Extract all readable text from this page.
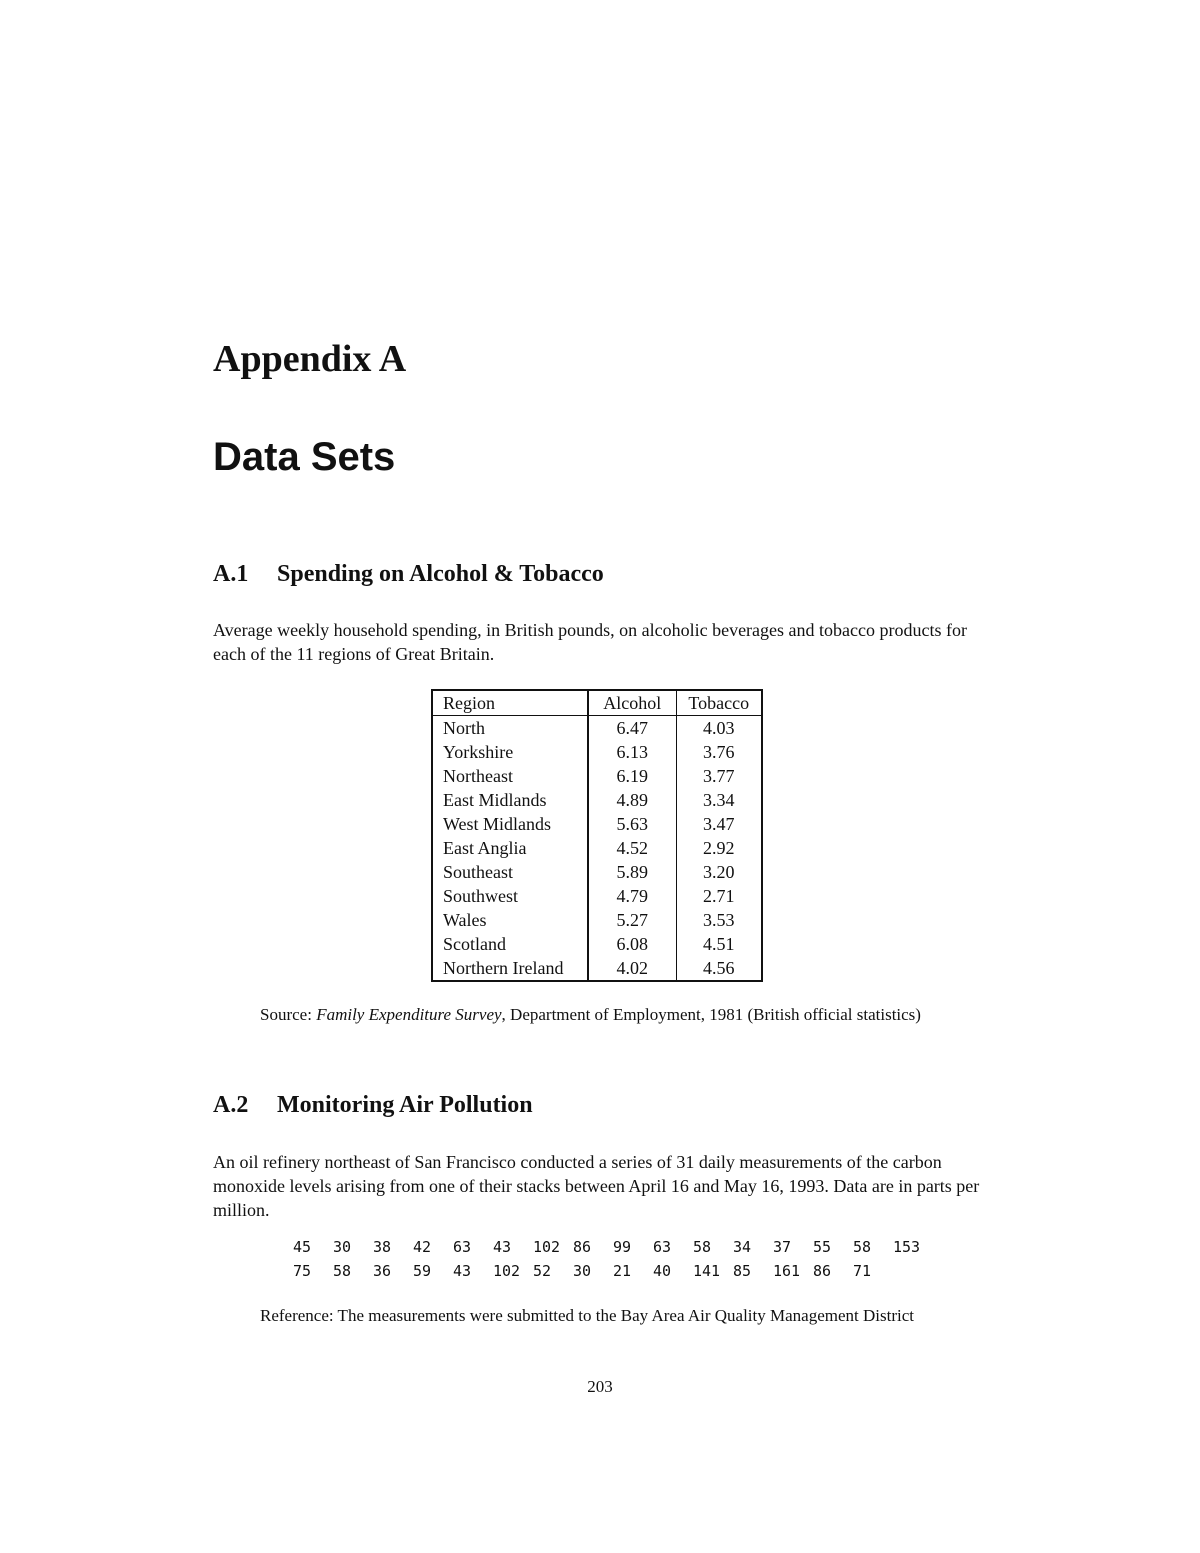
Appendix A
Data Sets
A.1 Spending on Alcohol & Tobacco
Average weekly household spending, in British pounds, on alcoholic beverages and tobacco products for each of the 11 regions of Great Britain.
Region	Alcohol	Tobacco
North	6.47	4.03
Yorkshire	6.13	3.76
Northeast	6.19	3.77
East Midlands	4.89	3.34
West Midlands	5.63	3.47
East Anglia	4.52	2.92
Southeast	5.89	3.20
Southwest	4.79	2.71
Wales	5.27	3.53
Scotland	6.08	4.51
Northern Ireland	4.02	4.56
Source: Family Expenditure Survey, Department of Employment, 1981 (British official statistics)
A.2 Monitoring Air Pollution
An oil refinery northeast of San Francisco conducted a series of 31 daily measurements of the carbon monoxide levels arising from one of their stacks between April 16 and May 16, 1993. Data are in parts per million.
45	30	38	42	63	43	102 86	99	63	58	34	37	55	58	153
75	58	36	59	43	102 52	30	21	40	141 85	161 86	71
Reference: The measurements were submitted to the Bay Area Air Quality Management District
203
